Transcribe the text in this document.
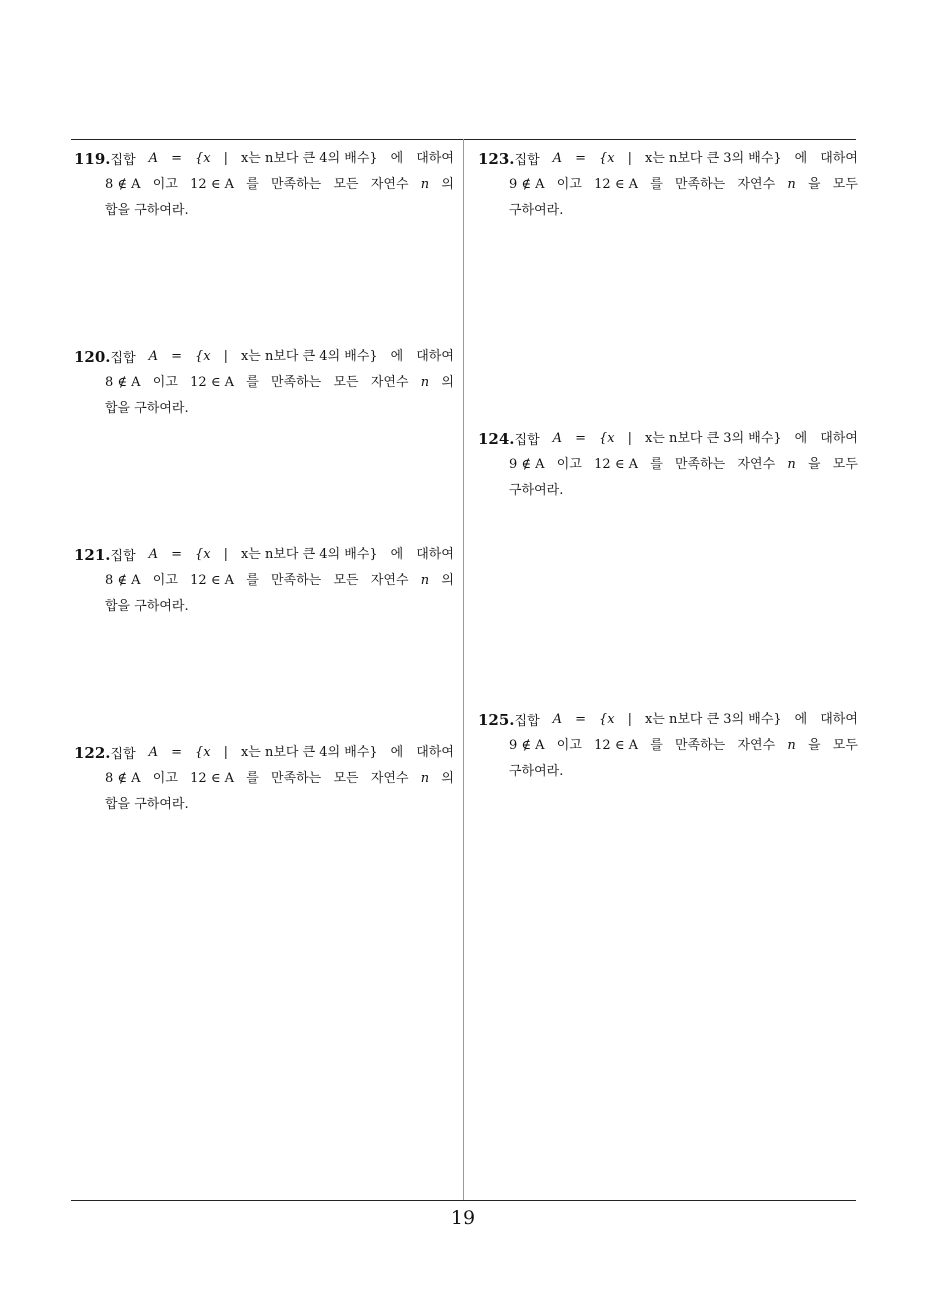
119.집합 A = {x | x는 n보다 큰 4의 배수} 에 대하여
8 ∉ A 이고 12 ∈ A 를 만족하는 모든 자연수 n 의
합을 구하여라.
120.집합 A = {x | x는 n보다 큰 4의 배수} 에 대하여
8 ∉ A 이고 12 ∈ A 를 만족하는 모든 자연수 n 의
합을 구하여라.
121.집합 A = {x | x는 n보다 큰 4의 배수} 에 대하여
8 ∉ A 이고 12 ∈ A 를 만족하는 모든 자연수 n 의
합을 구하여라.
122.집합 A = {x | x는 n보다 큰 4의 배수} 에 대하여
8 ∉ A 이고 12 ∈ A 를 만족하는 모든 자연수 n 의
합을 구하여라.
123.집합 A = {x | x는 n보다 큰 3의 배수} 에 대하여
9 ∉ A 이고 12 ∈ A 를 만족하는 자연수 n 을 모두
구하여라.
124.집합 A = {x | x는 n보다 큰 3의 배수} 에 대하여
9 ∉ A 이고 12 ∈ A 를 만족하는 자연수 n 을 모두
구하여라.
125.집합 A = {x | x는 n보다 큰 3의 배수} 에 대하여
9 ∉ A 이고 12 ∈ A 를 만족하는 자연수 n 을 모두
구하여라.
19
